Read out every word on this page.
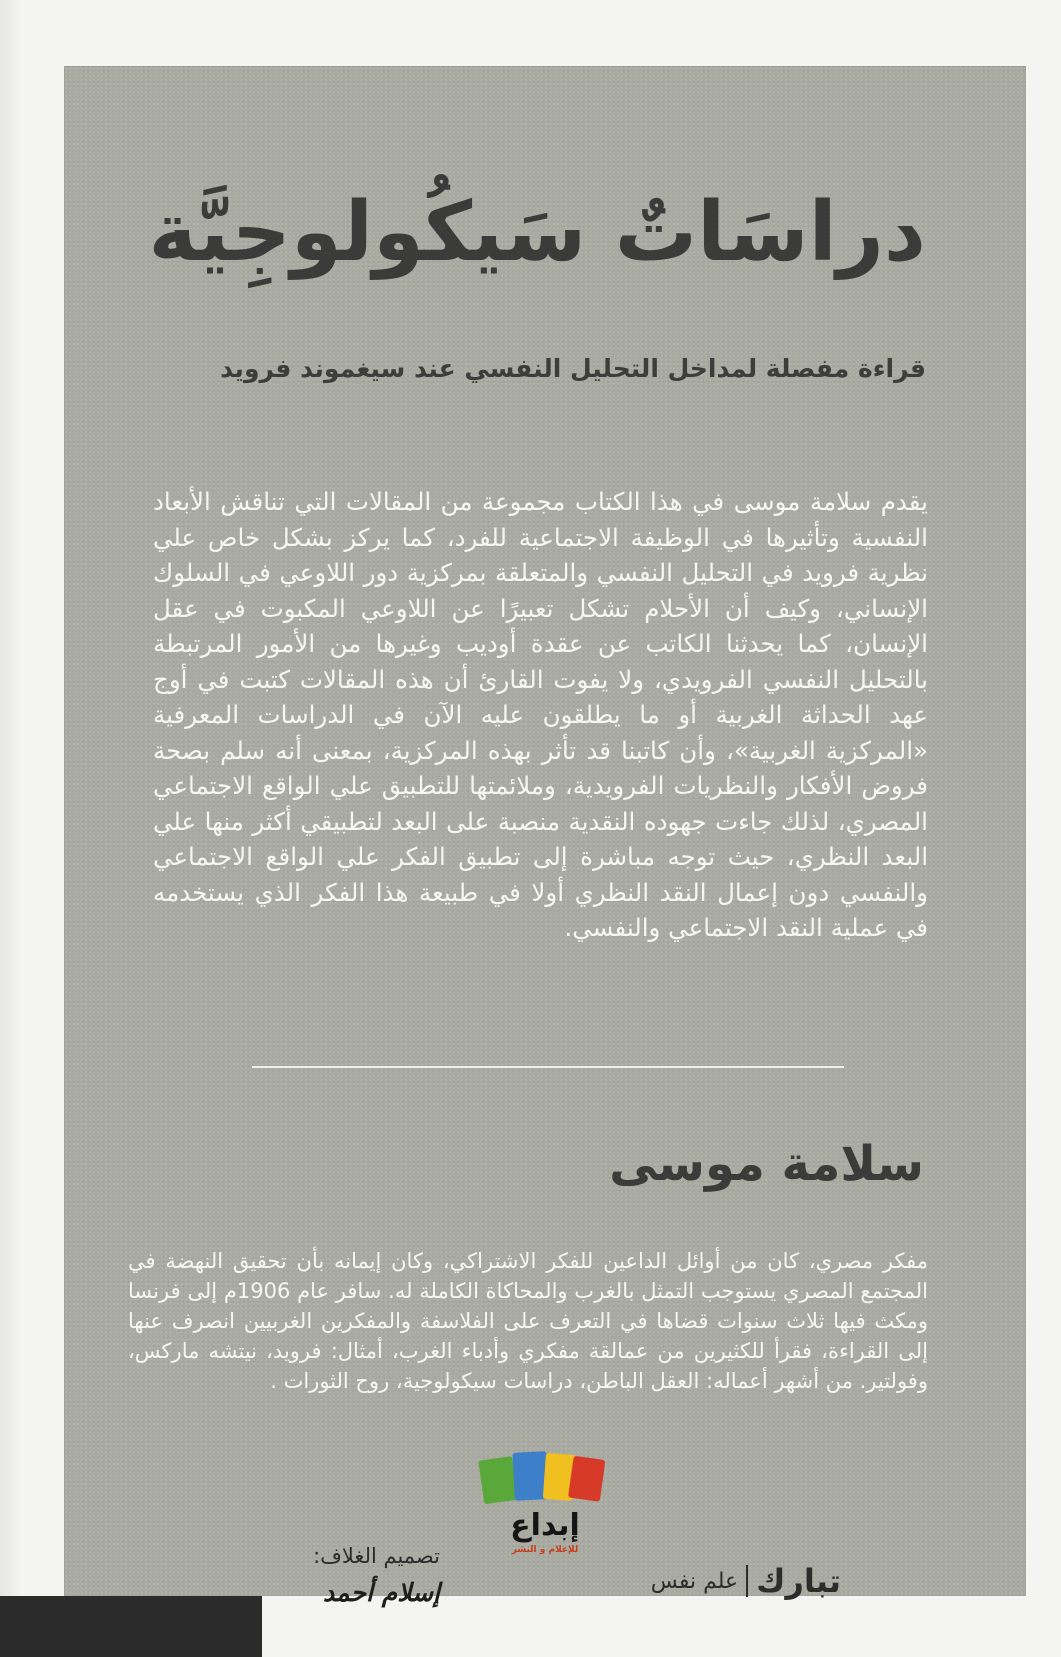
دراسَاتٌ سَيكُولوجِيَّة

قراءة مفصلة لمداخل التحليل النفسي عند سيغموند فرويد

يقدم سلامة موسى في هذا الكتاب مجموعة من المقالات التي تناقش الأبعاد النفسية وتأثيرها في الوظيفة الاجتماعية للفرد، كما يركز بشكل خاص علي نظرية فرويد في التحليل النفسي والمتعلقة بمركزية دور اللاوعي في السلوك الإنساني، وكيف أن الأحلام تشكل تعبيرًا عن اللاوعي المكبوت في عقل الإنسان، كما يحدثنا الكاتب عن عقدة أوديب وغيرها من الأمور المرتبطة بالتحليل النفسي الفرويدي، ولا يفوت القارئ أن هذه المقالات كتبت في أوج عهد الحداثة الغربية أو ما يطلقون عليه الآن في الدراسات المعرفية «المركزية الغربية»، وأن كاتبنا قد تأثر بهذه المركزية، بمعنى أنه سلم بصحة فروض الأفكار والنظريات الفرويدية، وملائمتها للتطبيق علي الواقع الاجتماعي المصري، لذلك جاءت جهوده النقدية منصبة على البعد لتطبيقي أكثر منها علي البعد النظري، حيث توجه مباشرة إلى تطبيق الفكر علي الواقع الاجتماعي والنفسي دون إعمال النقد النظري أولا في طبيعة هذا الفكر الذي يستخدمه في عملية النقد الاجتماعي والنفسي.

سلامة موسى

مفكر مصري، كان من أوائل الداعين للفكر الاشتراكي، وكان إيمانه بأن تحقيق النهضة في المجتمع المصري يستوجب التمثل بالغرب والمحاكاة الكاملة له. سافر عام 1906م إلى فرنسا ومكث فيها ثلاث سنوات قضاها في التعرف على الفلاسفة والمفكرين الغربيين انصرف عنها إلى القراءة، فقرأ للكثيرين من عمالقة مفكري وأدباء الغرب، أمثال: فرويد، نيتشه ماركس، وفولتير. من أشهر أعماله: العقل الباطن، دراسات سيكولوجية، روح الثورات .

تبارك
علم نفس
تصميم الغلاف:
إسلام أحمد
إبداع
للإعلام و النشر
